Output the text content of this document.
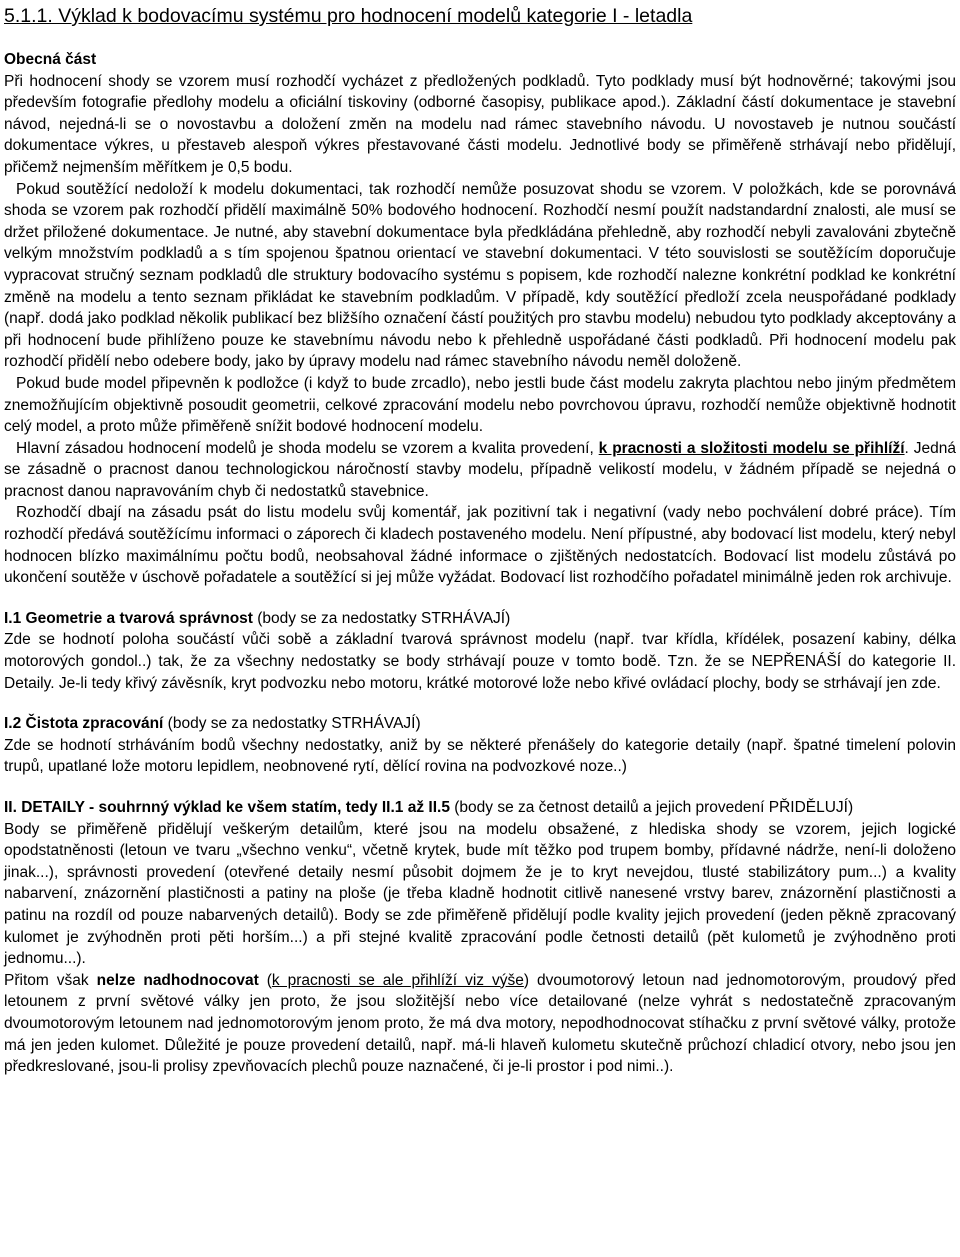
5.1.1. Výklad k bodovacímu systému pro hodnocení modelů kategorie I - letadla
Obecná část

Při hodnocení shody se vzorem musí rozhodčí vycházet z předložených podkladů. Tyto podklady musí být hodnověrné; takovými jsou především fotografie předlohy modelu a oficiální tiskoviny (odborné časopisy, publikace apod.). Základní částí dokumentace je stavební návod, nejedná-li se o novostavbu a doložení změn na modelu nad rámec stavebního návodu. U novostaveb je nutnou součástí dokumentace výkres, u přestaveb alespoň výkres přestavované části modelu. Jednotlivé body se přiměřeně strhávají nebo přidělují, přičemž nejmenším měřítkem je 0,5 bodu.

Pokud soutěžící nedoloží k modelu dokumentaci, tak rozhodčí nemůže posuzovat shodu se vzorem. V položkách, kde se porovnává shoda se vzorem pak rozhodčí přidělí maximálně 50% bodového hodnocení. Rozhodčí nesmí použít nadstandardní znalosti, ale musí se držet přiložené dokumentace. Je nutné, aby stavební dokumentace byla předkládána přehledně, aby rozhodčí nebyli zavalováni zbytečně velkým množstvím podkladů a s tím spojenou špatnou orientací ve stavební dokumentaci. V této souvislosti se soutěžícím doporučuje vypracovat stručný seznam podkladů dle struktury bodovacího systému s popisem, kde rozhodčí nalezne konkrétní podklad ke konkrétní změně na modelu a tento seznam přikládat ke stavebním podkladům. V případě, kdy soutěžící předloží zcela neuspořádané podklady (např. dodá jako podklad několik publikací bez bližšího označení částí použitých pro stavbu modelu) nebudou tyto podklady akceptovány a při hodnocení bude přihlíženo pouze ke stavebnímu návodu nebo k přehledně uspořádané části podkladů. Při hodnocení modelu pak rozhodčí přidělí nebo odebere body, jako by úpravy modelu nad rámec stavebního návodu neměl doloženě.

Pokud bude model připevněn k podložce (i když to bude zrcadlo), nebo jestli bude část modelu zakryta plachtou nebo jiným předmětem znemožňujícím objektivně posoudit geometrii, celkové zpracování modelu nebo povrchovou úpravu, rozhodčí nemůže objektivně hodnotit celý model, a proto může přiměřeně snížit bodové hodnocení modelu.

Hlavní zásadou hodnocení modelů je shoda modelu se vzorem a kvalita provedení, k pracnosti a složitosti modelu se přihlíží. Jedná se zásadně o pracnost danou technologickou náročností stavby modelu, případně velikostí modelu, v žádném případě se nejedná o pracnost danou napravováním chyb či nedostatků stavebnice.

Rozhodčí dbají na zásadu psát do listu modelu svůj komentář, jak pozitivní tak i negativní (vady nebo pochválení dobré práce). Tím rozhodčí předává soutěžícímu informaci o záporech či kladech postaveného modelu. Není přípustné, aby bodovací list modelu, který nebyl hodnocen blízko maximálnímu počtu bodů, neobsahoval žádné informace o zjištěných nedostatcích. Bodovací list modelu zůstává po ukončení soutěže v úschově pořadatele a soutěžící si jej může vyžádat. Bodovací list rozhodčího pořadatel minimálně jeden rok archivuje.

I.1 Geometrie a tvarová správnost (body se za nedostatky STRHÁVAJÍ)

Zde se hodnotí poloha součástí vůči sobě a základní tvarová správnost modelu (např. tvar křídla, křídélek, posazení kabiny, délka motorových gondol..) tak, že za všechny nedostatky se body strhávají pouze v tomto bodě. Tzn. že se NEPŘENÁŠÍ do kategorie II. Detaily. Je-li tedy křivý závěsník, kryt podvozku nebo motoru, krátké motorové lože nebo křivé ovládací plochy, body se strhávají jen zde.

I.2 Čistota zpracování (body se za nedostatky STRHÁVAJÍ)

Zde se hodnotí strháváním bodů všechny nedostatky, aniž by se některé přenášely do kategorie detaily (např. špatné timelení polovin trupů, upatlané lože motoru lepidlem, neobnovené rytí, dělící rovina na podvozkové noze..)

II. DETAILY - souhrnný výklad ke všem statím, tedy II.1 až II.5 (body se za četnost detailů a jejich provedení PŘIDĚLUJÍ)

Body se přiměřeně přidělují veškerým detailům, které jsou na modelu obsažené, z hlediska shody se vzorem, jejich logické opodstatněnosti (letoun ve tvaru „všechno venku“, včetně krytek, bude mít těžko pod trupem bomby, přídavné nádrže, není-li doloženo jinak...), správnosti provedení (otevřené detaily nesmí působit dojmem že je to kryt nevejdou, tlusté stabilizátory pum...) a kvality nabarvení, znázornění plastičnosti a patiny na ploše (je třeba kladně hodnotit citlivě nanesené vrstvy barev, znázornění plastičnosti a patinu na rozdíl od pouze nabarvených detailů). Body se zde přiměřeně přidělují podle kvality jejich provedení (jeden pěkně zpracovaný kulomet je zvýhodněn proti pěti horším...) a při stejné kvalitě zpracování podle četnosti detailů (pět kulometů je zvýhodněno proti jednomu...).

Přitom však nelze nadhodnocovat (k pracnosti se ale přihlíží viz výše) dvoumotorový letoun nad jednomotorovým, proudový před letounem z první světové války jen proto, že jsou složitější nebo více detailované (nelze vyhrát s nedostatečně zpracovaným dvoumotorovým letounem nad jednomotorovým jenom proto, že má dva motory, nepodhodnocovat stíhačku z první světové války, protože má jen jeden kulomet. Důležité je pouze provedení detailů, např. má-li hlaveň kulometu skutečně průchozí chladicí otvory, nebo jsou jen předkreslované, jsou-li prolisy zpevňovacích plechů pouze naznačené, či je-li prostor i pod nimi..).
